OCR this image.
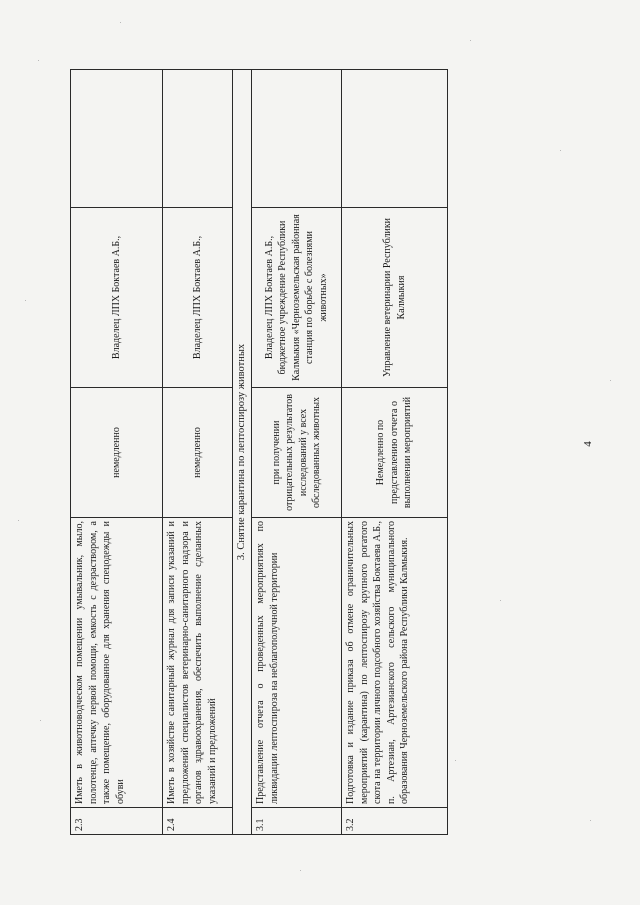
2.3	Иметь в животноводческом помещении умывальник, мыло, полотенце, аптечку первой помощи, емкость с дезраствором, а также помещение, оборудованное для хранения спецодежды и обуви	немедленно	Владелец ЛПХ Боктаев А.Б.,	
2.4	Иметь в хозяйстве санитарный журнал для записи указаний и предложений специалистов ветеринарно-санитарного надзора и органов здравоохранения, обеспечить выполнение сделанных указаний и предложений	немедленно	Владелец ЛПХ Боктаев А.Б.,	
3. Снятие карантина по лептоспирозу животных				
3.1	Представление отчета о проведенных мероприятиях по ликвидации лептоспироза на неблагополучной территории	при получении отрицательных результатов исследований у всех обследованных животных	Владелец ЛПХ Боктаев А.Б., бюджетное учреждение Республики Калмыкия «Черноземельская районная станция по борьбе с болезнями животных»	
3.2	Подготовка и издание приказа об отмене ограничительных мероприятий (карантина) по лептоспирозу крупного рогатого скота на территории личного подсобного хозяйства Боктаева А.Б., п. Артезиан, Артезианского сельского муниципального образования Черноземельского района Республики Калмыкия.	Немедленно по представлению отчета о выполнении мероприятий	Управление ветеринарии Республики Калмыкия	
4
